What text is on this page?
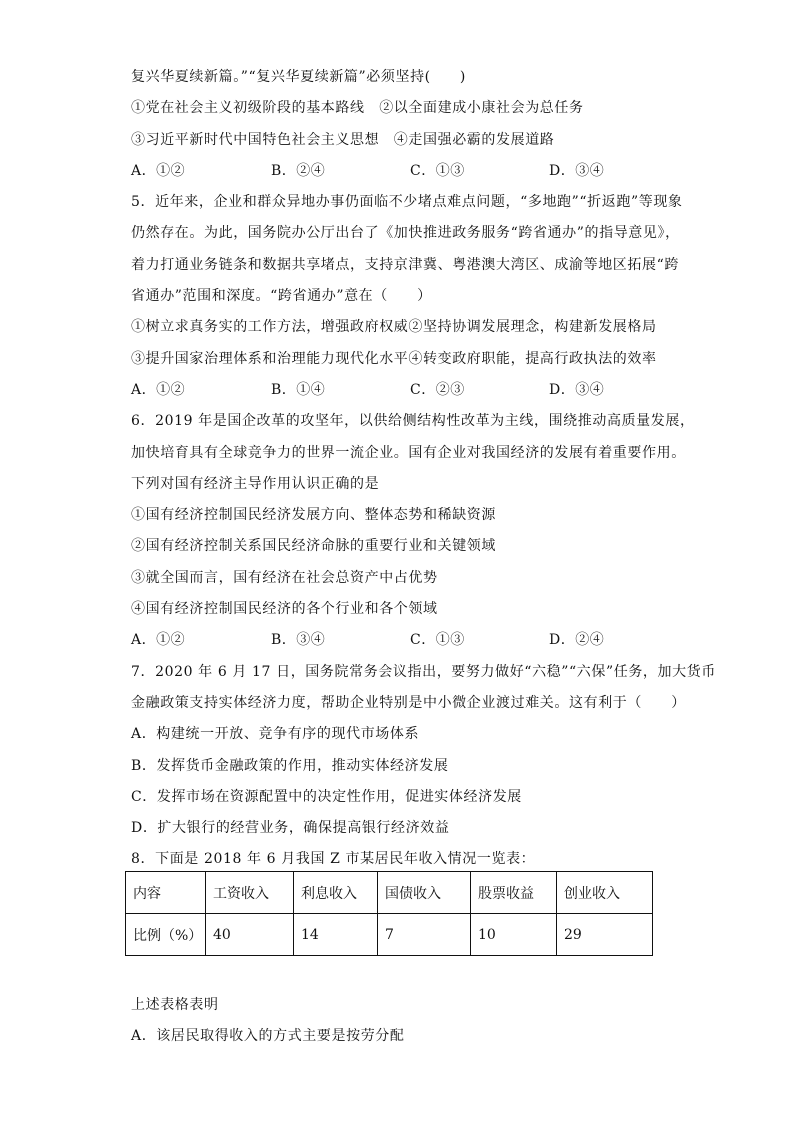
复兴华夏续新篇。”“复兴华夏续新篇”必须坚持(　　)
①党在社会主义初级阶段的基本路线　②以全面建成小康社会为总任务
③习近平新时代中国特色社会主义思想　④走国强必霸的发展道路
A．①②	B．②④	C．①③	D．③④
5．近年来，企业和群众异地办事仍面临不少堵点难点问题，“多地跑”“折返跑”等现象
仍然存在。为此，国务院办公厅出台了《加快推进政务服务“跨省通办”的指导意见》，
着力打通业务链条和数据共享堵点，支持京津冀、粤港澳大湾区、成渝等地区拓展“跨
省通办”范围和深度。“跨省通办”意在（　　）
①树立求真务实的工作方法，增强政府权威②坚持协调发展理念，构建新发展格局
③提升国家治理体系和治理能力现代化水平④转变政府职能，提高行政执法的效率
A．①②	B．①④	C．②③	D．③④
6．2019 年是国企改革的攻坚年，以供给侧结构性改革为主线，围绕推动高质量发展，
加快培育具有全球竞争力的世界一流企业。国有企业对我国经济的发展有着重要作用。
下列对国有经济主导作用认识正确的是
①国有经济控制国民经济发展方向、整体态势和稀缺资源
②国有经济控制关系国民经济命脉的重要行业和关键领域
③就全国而言，国有经济在社会总资产中占优势
④国有经济控制国民经济的各个行业和各个领域
A．①②	B．③④	C．①③	D．②④
7．2020 年 6 月 17 日，国务院常务会议指出，要努力做好“六稳”“六保”任务，加大货币
金融政策支持实体经济力度，帮助企业特别是中小微企业渡过难关。这有利于（　　）
A．构建统一开放、竞争有序的现代市场体系
B．发挥货币金融政策的作用，推动实体经济发展
C．发挥市场在资源配置中的决定性作用，促进实体经济发展
D．扩大银行的经营业务，确保提高银行经济效益
8．下面是 2018 年 6 月我国 Z 市某居民年收入情况一览表：
内容	工资收入	利息收入	国债收入	股票收益	创业收入
比例（%）	40	14	7	10	29
上述表格表明
A．该居民取得收入的方式主要是按劳分配
